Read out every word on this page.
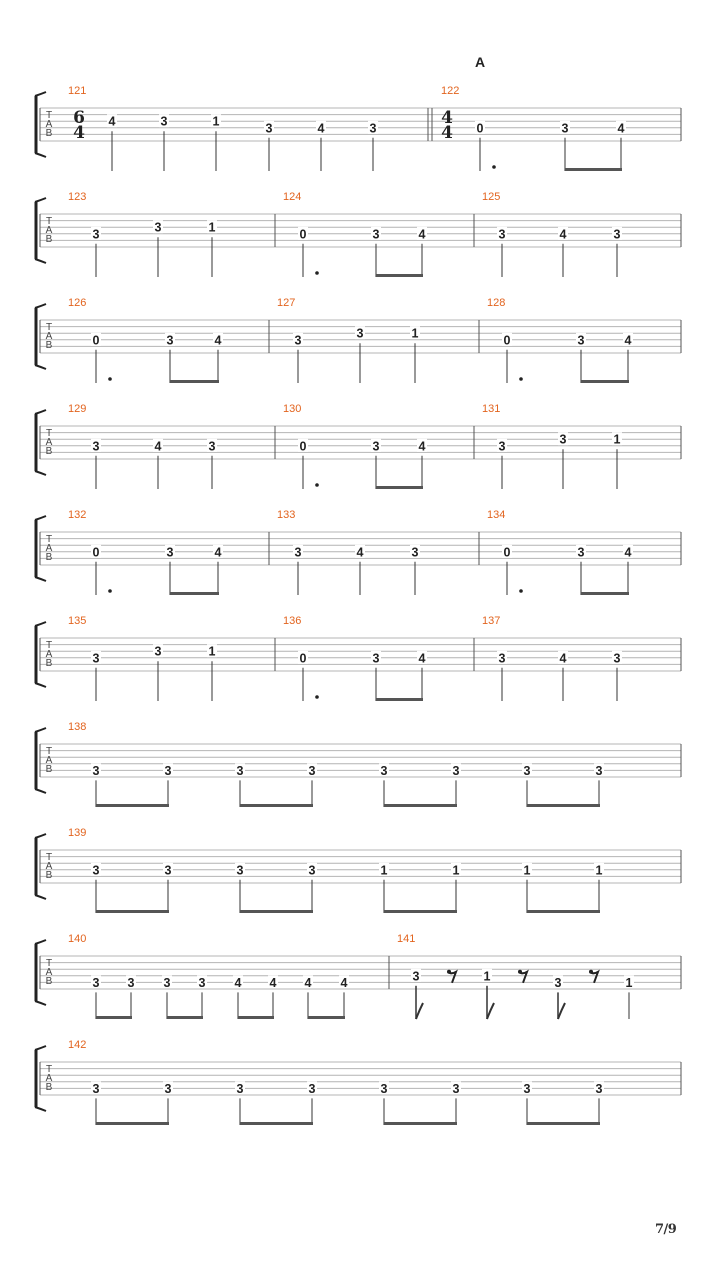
A
T
A
B
121
6
4
4	3	1	3	4	3
122
4
4 0	3	4
T
A
B
123
3	3	1
124
0	3	4
125
3	4	3
T
A
B
126
0	3	4
127
3	3	1
128
0	3	4
T
A
B
129
3	4	3
130
0	3	4
131
3	3	1
T
A
B
132
0	3	4
133
3	4	3
134
0	3	4
T
A
B
135
3	3	1
136
0	3	4
137
3	4	3
T
A
B
138
3	3	3	3	3	3	3	3
T
A
B
139
3	3	3	3	1	1	1	1
T
A
B
140
3 3 3 3 4 4 4 4
141
3	1	3	1
T
A
B
142
3	3	3	3	3	3	3	3
7/9
